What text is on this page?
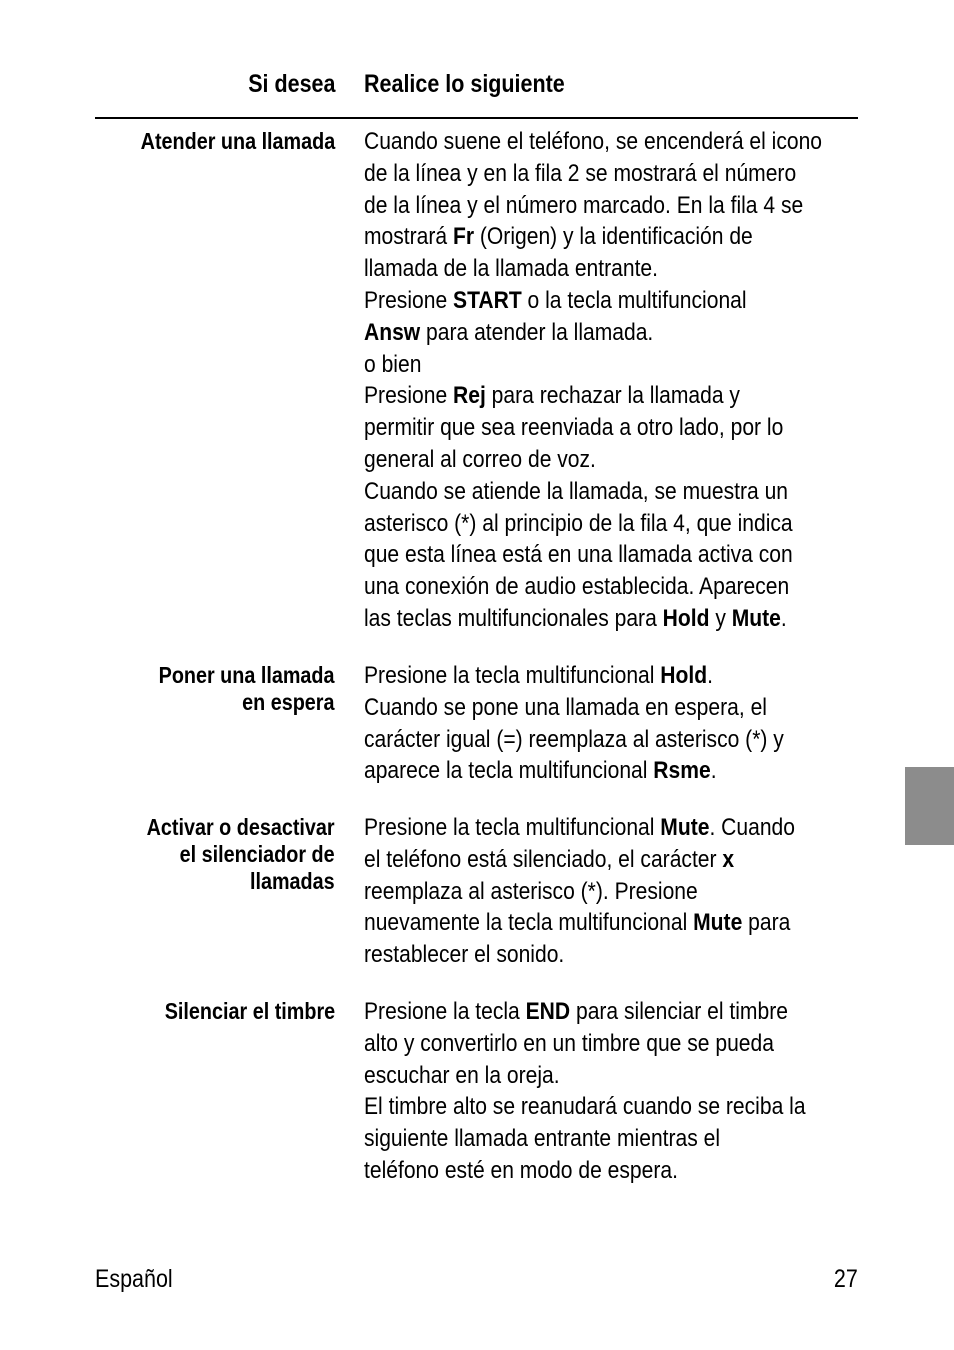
Si desea Realice lo siguiente
Atender una llamada Cuando suene el teléfono, se encenderá el icono
de la línea y en la fila 2 se mostrará el número
de la línea y el número marcado. En la fila 4 se
mostrará Fr (Origen) y la identificación de
llamada de la llamada entrante.
Presione START o la tecla multifuncional
Answ para atender la llamada.
o bien
Presione Rej para rechazar la llamada y
permitir que sea reenviada a otro lado, por lo
general al correo de voz.
Cuando se atiende la llamada, se muestra un
asterisco (*) al principio de la fila 4, que indica
que esta línea está en una llamada activa con
una conexión de audio establecida. Aparecen
las teclas multifuncionales para Hold y Mute.
Poner una llamada
en espera
Presione la tecla multifuncional Hold.
Cuando se pone una llamada en espera, el
carácter igual (=) reemplaza al asterisco (*) y
aparece la tecla multifuncional Rsme.
Activar o desactivar
el silenciador de
llamadas
Presione la tecla multifuncional Mute. Cuando
el teléfono está silenciado, el carácter x
reemplaza al asterisco (*). Presione
nuevamente la tecla multifuncional Mute para
restablecer el sonido.
Silenciar el timbre Presione la tecla END para silenciar el timbre
alto y convertirlo en un timbre que se pueda
escuchar en la oreja.
El timbre alto se reanudará cuando se reciba la
siguiente llamada entrante mientras el
teléfono esté en modo de espera.
Español	27
